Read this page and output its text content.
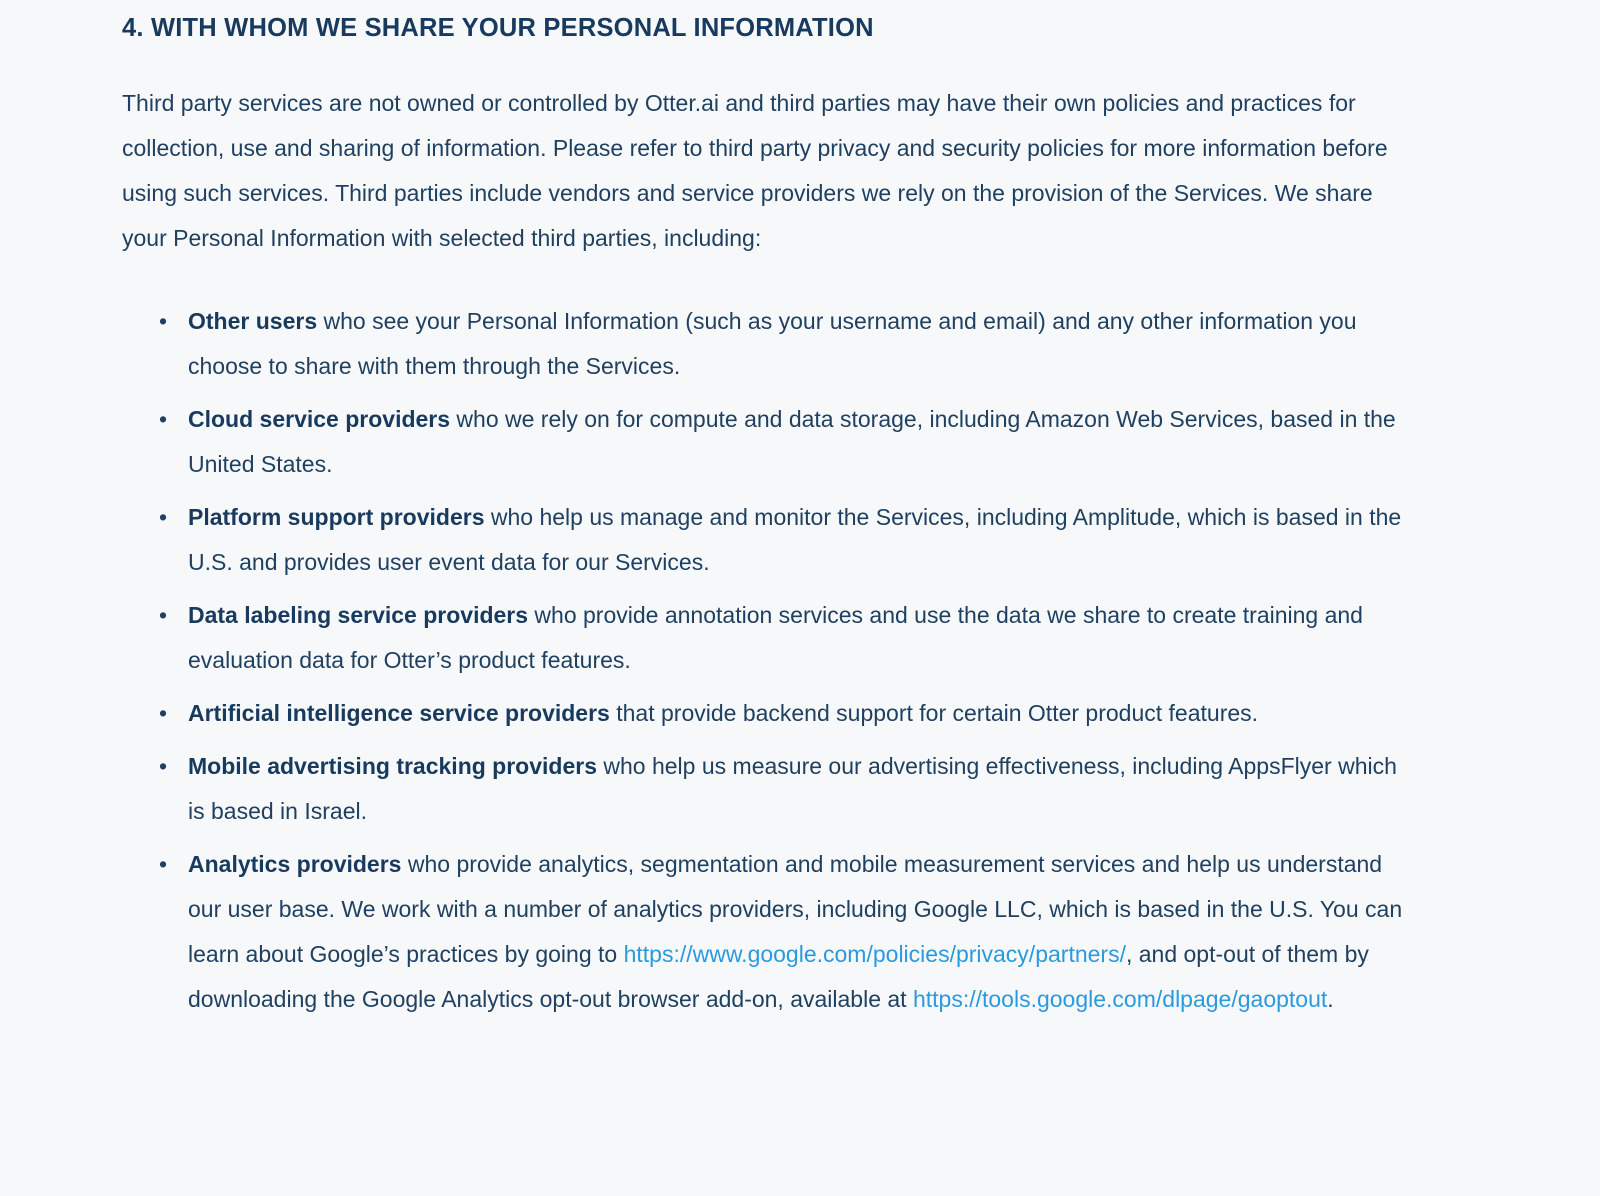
4. WITH WHOM WE SHARE YOUR PERSONAL INFORMATION

Third party services are not owned or controlled by Otter.ai and third parties may have their own policies and practices for collection, use and sharing of information. Please refer to third party privacy and security policies for more information before using such services. Third parties include vendors and service providers we rely on the provision of the Services. We share your Personal Information with selected third parties, including:

• Other users who see your Personal Information (such as your username and email) and any other information you choose to share with them through the Services.
• Cloud service providers who we rely on for compute and data storage, including Amazon Web Services, based in the United States.
• Platform support providers who help us manage and monitor the Services, including Amplitude, which is based in the U.S. and provides user event data for our Services.
• Data labeling service providers who provide annotation services and use the data we share to create training and evaluation data for Otter’s product features.
• Artificial intelligence service providers that provide backend support for certain Otter product features.
• Mobile advertising tracking providers who help us measure our advertising effectiveness, including AppsFlyer which is based in Israel.
• Analytics providers who provide analytics, segmentation and mobile measurement services and help us understand our user base. We work with a number of analytics providers, including Google LLC, which is based in the U.S. You can learn about Google’s practices by going to https://www.google.com/policies/privacy/partners/, and opt-out of them by downloading the Google Analytics opt-out browser add-on, available at https://tools.google.com/dlpage/gaoptout.
